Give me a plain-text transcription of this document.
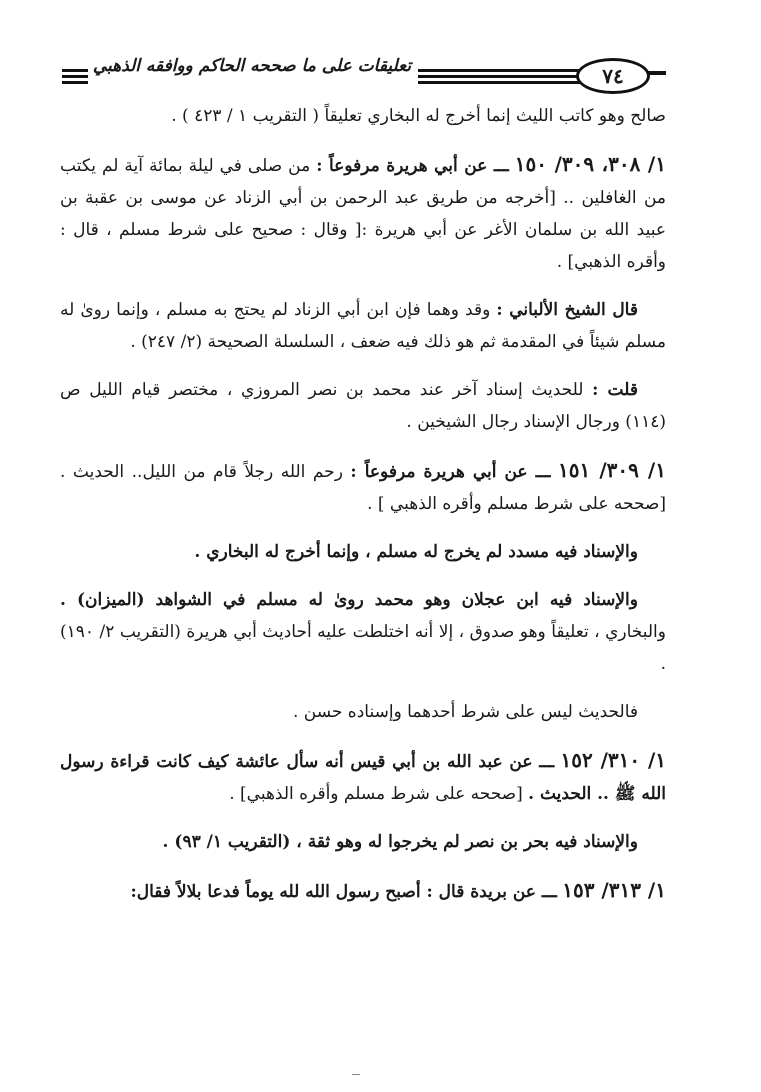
تعليقات على ما صححه الحاكم ووافقه الذهبي	٧٤

صالح وهو كاتب الليث إنما أخرج له البخاري تعليقاً ( التقريب ١ / ٤٢٣ ) .

١/ ٣٠٨، ٣٠٩/ ١٥٠ ـــ عن أبي هريرة مرفوعاً : من صلى في ليلة بمائة آية لم يكتب من الغافلين .. [أخرجه من طريق عبد الرحمن بن أبي الزناد عن موسى بن عقبة بن عبيد الله بن سلمان الأغر عن أبي هريرة :[ وقال : صحيح على شرط مسلم ، قال : وأقره الذهبي] .

قال الشيخ الألباني : وقد وهما فإن ابن أبي الزناد لم يحتج به مسلم ، وإنما روىٰ له مسلم شيئاً في المقدمة ثم هو ذلك فيه ضعف ، السلسلة الصحيحة (٢/ ٢٤٧) .

قلت : للحديث إسناد آخر عند محمد بن نصر المروزي ، مختصر قيام الليل ص (١١٤) ورجال الإسناد رجال الشيخين .

١/ ٣٠٩/ ١٥١ ـــ عن أبي هريرة مرفوعاً : رحم الله رجلاً قام من الليل.. الحديث . [صححه على شرط مسلم وأقره الذهبي ] .

والإسناد فيه مسدد لم يخرج له مسلم ، وإنما أخرج له البخاري .

والإسناد فيه ابن عجلان وهو محمد روىٰ له مسلم في الشواهد (الميزان) . والبخاري ، تعليقاً وهو صدوق ، إلا أنه اختلطت عليه أحاديث أبي هريرة (التقريب ٢/ ١٩٠) .

فالحديث ليس على شرط أحدهما وإسناده حسن .

١/ ٣١٠/ ١٥٢ ـــ عن عبد الله بن أبي قيس أنه سأل عائشة كيف كانت قراءة رسول الله ﷺ .. الحديث . [صححه على شرط مسلم وأقره الذهبي] .

والإسناد فيه بحر بن نصر لم يخرجوا له وهو ثقة ، (التقريب ١/ ٩٣) .

١/ ٣١٣/ ١٥٣ ـــ عن بريدة قال : أصبح رسول الله لله يوماً فدعا بلالاً فقال:
